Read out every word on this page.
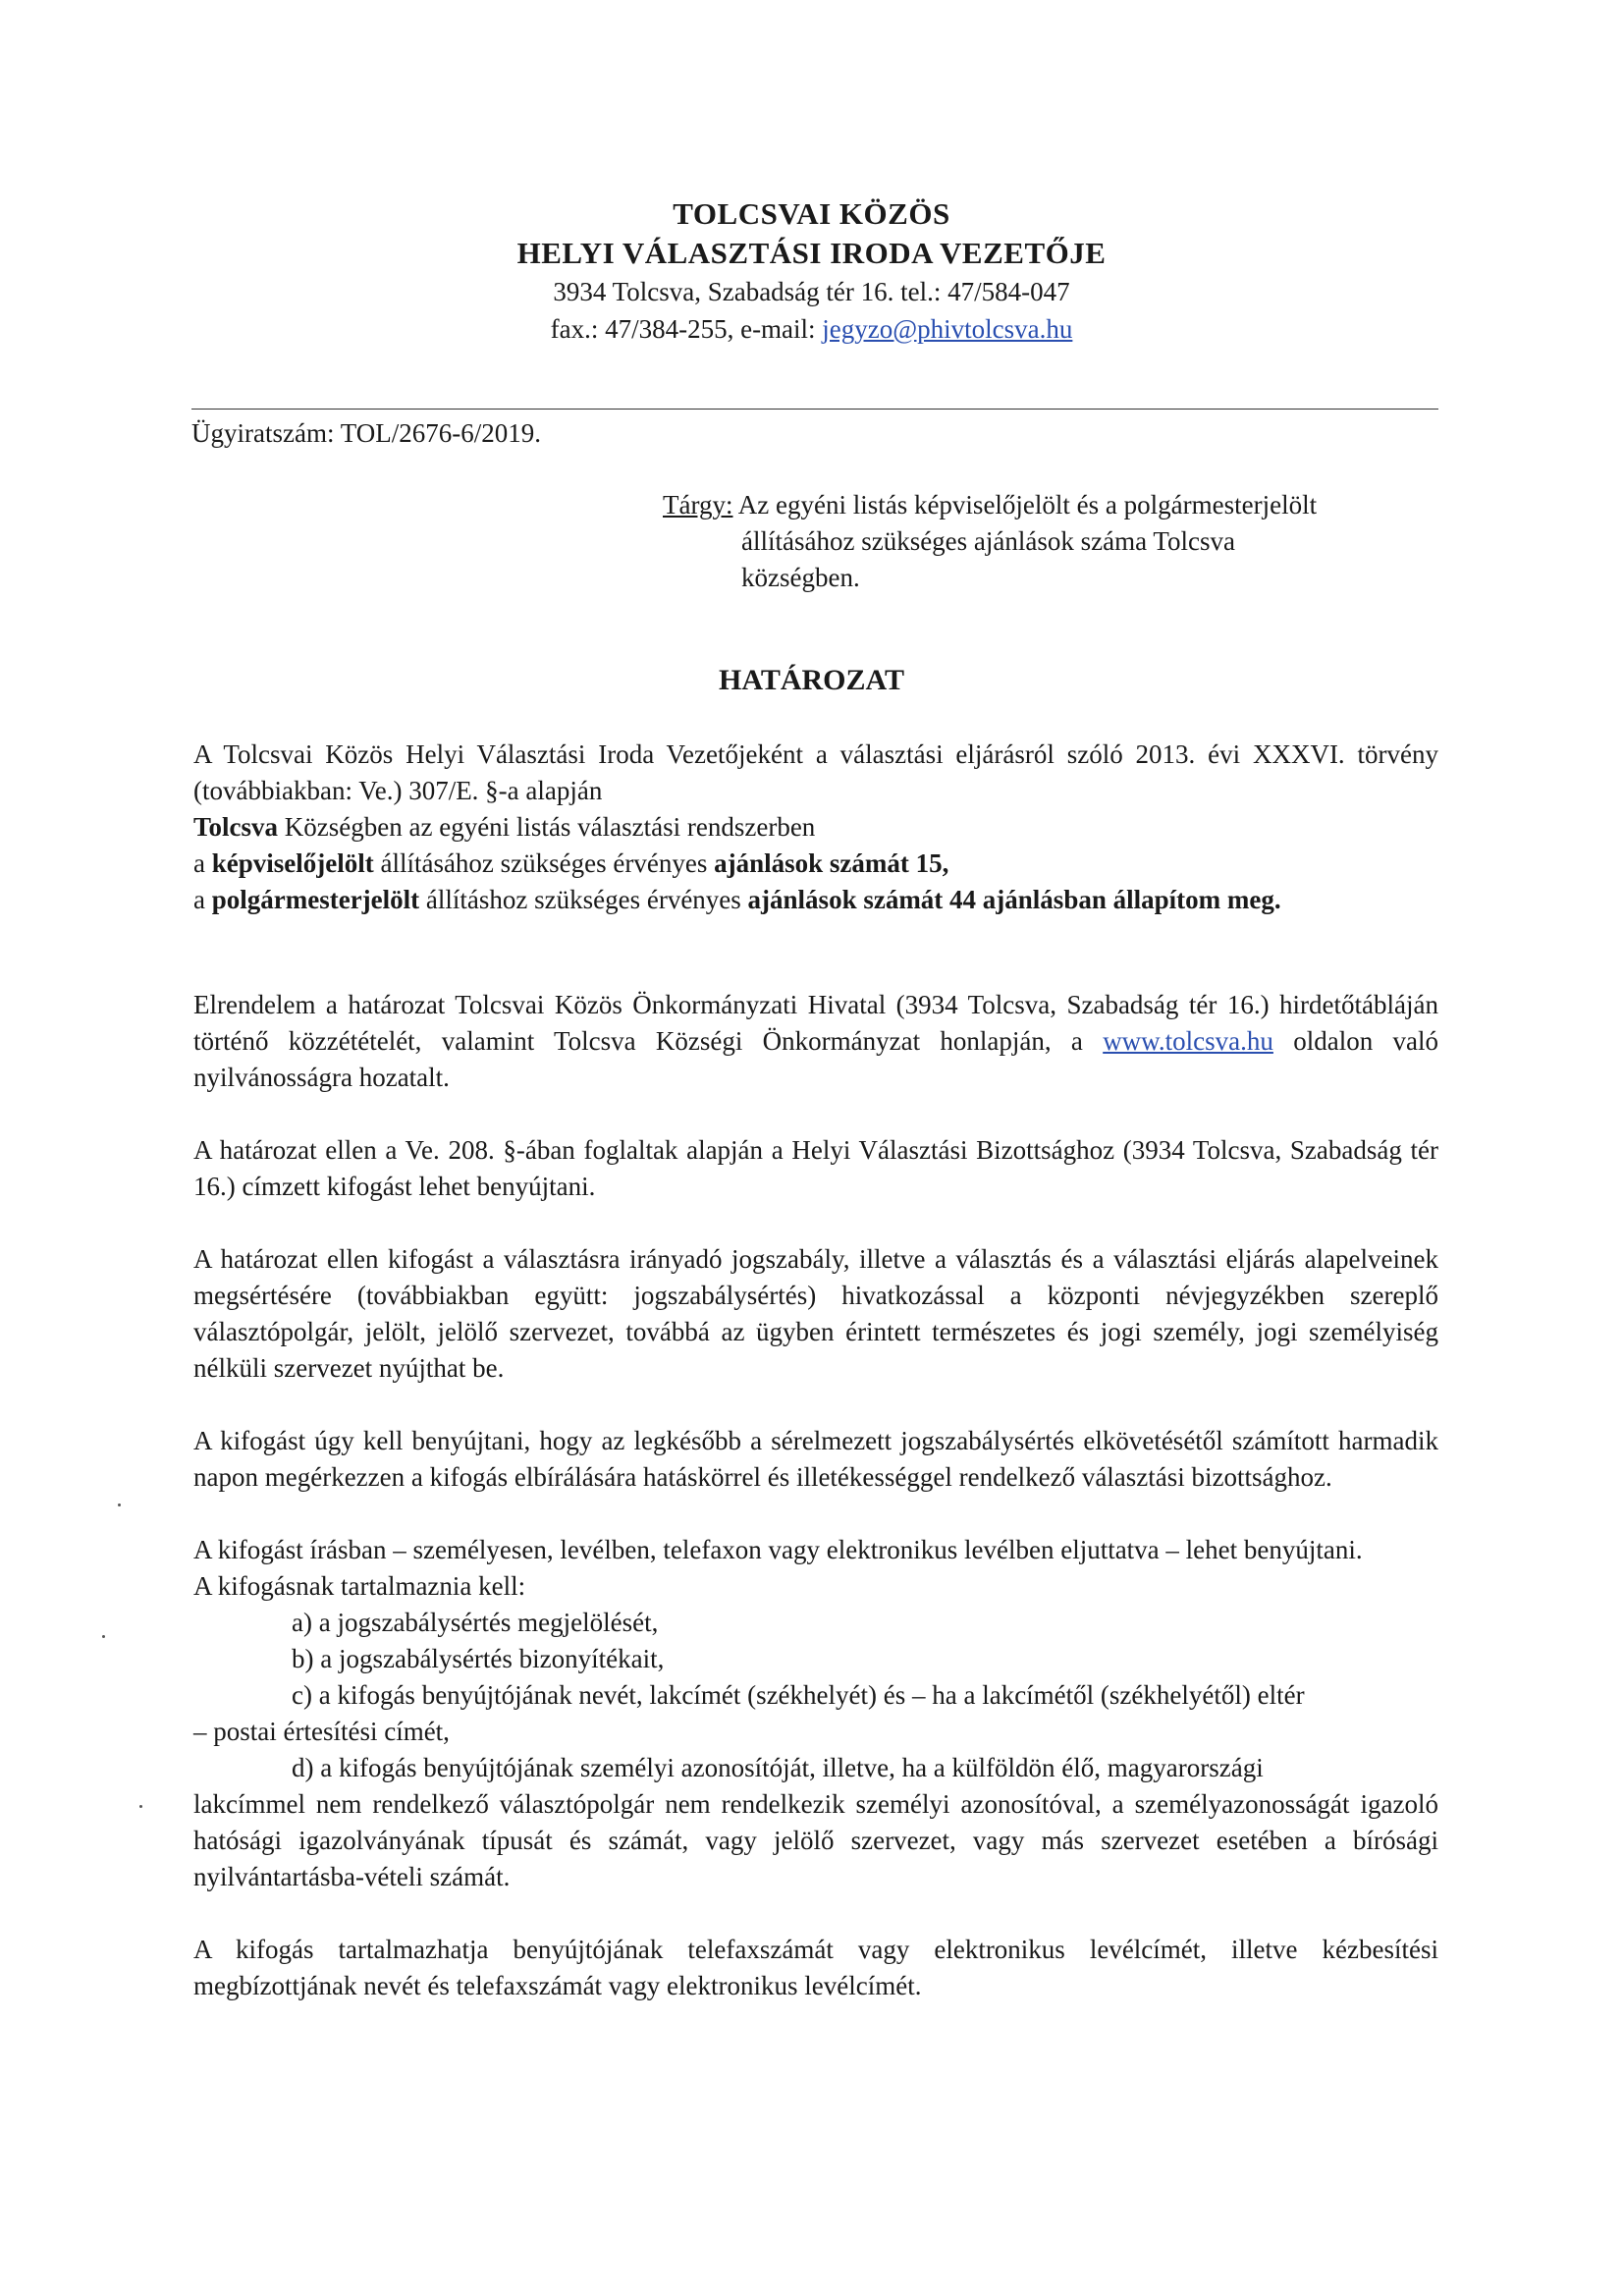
TOLCSVAI KÖZÖS
HELYI VÁLASZTÁSI IRODA VEZETŐJE
3934 Tolcsva, Szabadság tér 16. tel.: 47/584-047
fax.: 47/384-255, e-mail: jegyzo@phivtolcsva.hu
Ügyiratszám: TOL/2676-6/2019.
Tárgy: Az egyéni listás képviselőjelölt és a polgármesterjelölt
állításához szükséges ajánlások száma Tolcsva
községben.
HATÁROZAT

A Tolcsvai Közös Helyi Választási Iroda Vezetőjeként a választási eljárásról szóló 2013. évi XXXVI. törvény (továbbiakban: Ve.) 307/E. §-a alapján

Tolcsva Községben az egyéni listás választási rendszerben

a képviselőjelölt állításához szükséges érvényes ajánlások számát 15,

a polgármesterjelölt állításhoz szükséges érvényes ajánlások számát 44 ajánlásban állapítom meg.

Elrendelem a határozat Tolcsvai Közös Önkormányzati Hivatal (3934 Tolcsva, Szabadság tér 16.) hirdetőtábláján történő közzétételét, valamint Tolcsva Községi Önkormányzat honlapján, a www.tolcsva.hu oldalon való nyilvánosságra hozatalt.

A határozat ellen a Ve. 208. §-ában foglaltak alapján a Helyi Választási Bizottsághoz (3934 Tolcsva, Szabadság tér 16.) címzett kifogást lehet benyújtani.

A határozat ellen kifogást a választásra irányadó jogszabály, illetve a választás és a választási eljárás alapelveinek megsértésére (továbbiakban együtt: jogszabálysértés) hivatkozással a központi névjegyzékben szereplő választópolgár, jelölt, jelölő szervezet, továbbá az ügyben érintett természetes és jogi személy, jogi személyiség nélküli szervezet nyújthat be.

A kifogást úgy kell benyújtani, hogy az legkésőbb a sérelmezett jogszabálysértés elkövetésétől számított harmadik napon megérkezzen a kifogás elbírálására hatáskörrel és illetékességgel rendelkező választási bizottsághoz.

A kifogást írásban – személyesen, levélben, telefaxon vagy elektronikus levélben eljuttatva – lehet benyújtani.

A kifogásnak tartalmaznia kell:

a) a jogszabálysértés megjelölését,

b) a jogszabálysértés bizonyítékait,

c) a kifogás benyújtójának nevét, lakcímét (székhelyét) és – ha a lakcímétől (székhelyétől) eltér

– postai értesítési címét,

d) a kifogás benyújtójának személyi azonosítóját, illetve, ha a külföldön élő, magyarországi

lakcímmel nem rendelkező választópolgár nem rendelkezik személyi azonosítóval, a személyazonosságát igazoló hatósági igazolványának típusát és számát, vagy jelölő szervezet, vagy más szervezet esetében a bírósági nyilvántartásba-vételi számát.

A kifogás tartalmazhatja benyújtójának telefaxszámát vagy elektronikus levélcímét, illetve kézbesítési megbízottjának nevét és telefaxszámát vagy elektronikus levélcímét.
